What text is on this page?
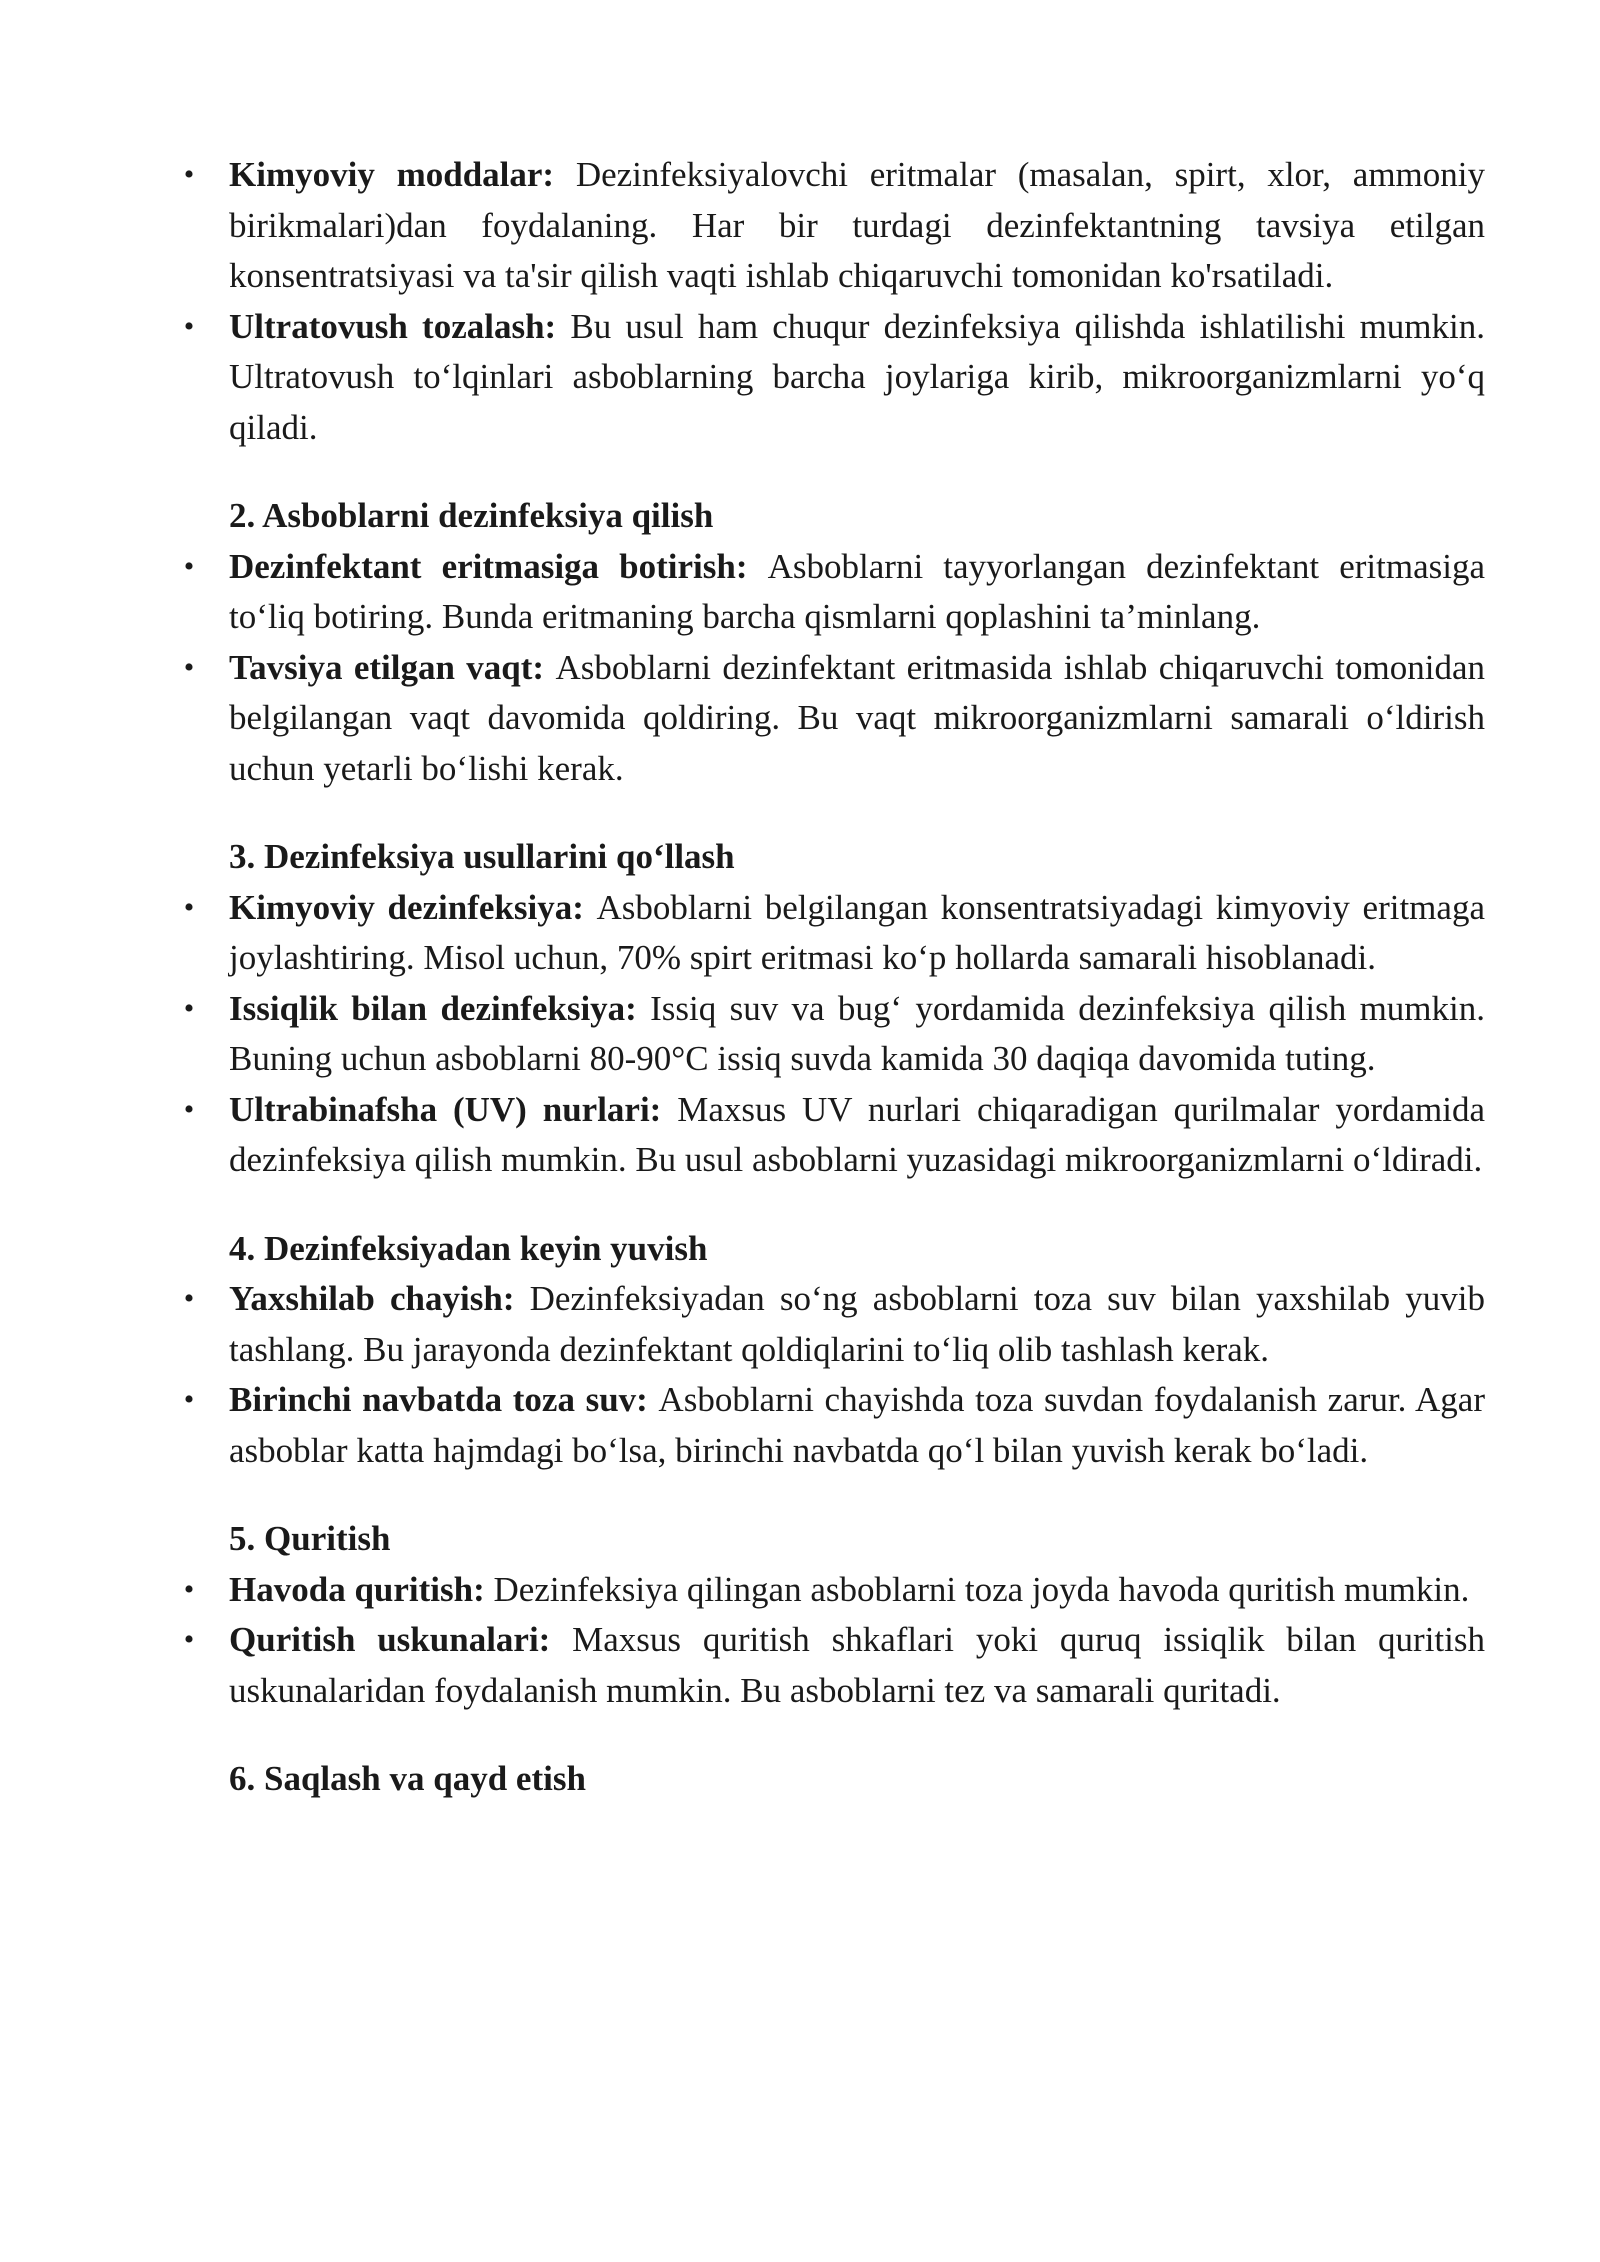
• Kimyoviy moddalar: Dezinfeksiyalovchi eritmalar (masalan, spirt, xlor, ammoniy birikmalari)dan foydalaning. Har bir turdagi dezinfektantning tavsiya etilgan konsentratsiyasi va ta'sir qilish vaqti ishlab chiqaruvchi tomonidan ko'rsatiladi.
• Ultratovush tozalash: Bu usul ham chuqur dezinfeksiya qilishda ishlatilishi mumkin. Ultratovush to‘lqinlari asboblarning barcha joylariga kirib, mikroorganizmlarni yo‘q qiladi.
2. Asboblarni dezinfeksiya qilish
• Dezinfektant eritmasiga botirish: Asboblarni tayyorlangan dezinfektant eritmasiga to‘liq botiring. Bunda eritmaning barcha qismlarni qoplashini ta’minlang.
• Tavsiya etilgan vaqt: Asboblarni dezinfektant eritmasida ishlab chiqaruvchi tomonidan belgilangan vaqt davomida qoldiring. Bu vaqt mikroorganizmlarni samarali o‘ldirish uchun yetarli bo‘lishi kerak.
3. Dezinfeksiya usullarini qo‘llash
• Kimyoviy dezinfeksiya: Asboblarni belgilangan konsentratsiyadagi kimyoviy eritmaga joylashtiring. Misol uchun, 70% spirt eritmasi ko‘p hollarda samarali hisoblanadi.
• Issiqlik bilan dezinfeksiya: Issiq suv va bug‘ yordamida dezinfeksiya qilish mumkin. Buning uchun asboblarni 80-90°C issiq suvda kamida 30 daqiqa davomida tuting.
• Ultrabinafsha (UV) nurlari: Maxsus UV nurlari chiqaradigan qurilmalar yordamida dezinfeksiya qilish mumkin. Bu usul asboblarni yuzasidagi mikroorganizmlarni o‘ldiradi.
4. Dezinfeksiyadan keyin yuvish
• Yaxshilab chayish: Dezinfeksiyadan so‘ng asboblarni toza suv bilan yaxshilab yuvib tashlang. Bu jarayonda dezinfektant qoldiqlarini to‘liq olib tashlash kerak.
• Birinchi navbatda toza suv: Asboblarni chayishda toza suvdan foydalanish zarur. Agar asboblar katta hajmdagi bo‘lsa, birinchi navbatda qo‘l bilan yuvish kerak bo‘ladi.
5. Quritish
• Havoda quritish: Dezinfeksiya qilingan asboblarni toza joyda havoda quritish mumkin.
• Quritish uskunalari: Maxsus quritish shkaflari yoki quruq issiqlik bilan quritish uskunalaridan foydalanish mumkin. Bu asboblarni tez va samarali quritadi.
6. Saqlash va qayd etish
